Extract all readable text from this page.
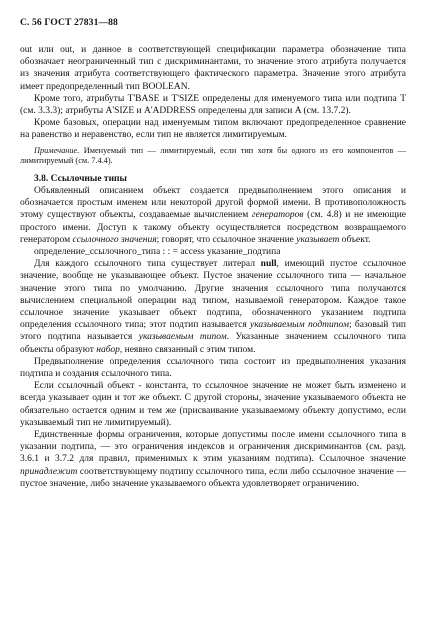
С. 56 ГОСТ 27831—88

out или out, и данное в соответствующей спецификации параметра обозначение типа обозначает неограниченный тип с дискриминантами, то значение этого атрибута получается из значения атрибута соответствующего фактического параметра. Значение этого атрибута имеет предопределенный тип BOOLEAN.

Кроме того, атрибуты T'BASE и T'SIZE определены для именуемого типа или подтипа T (см. 3.3.3); атрибуты A'SIZE и A'ADDRESS определены для записи A (см. 13.7.2).

Кроме базовых, операции над именуемым типом включают предопределенное сравнение на равенство и неравенство, если тип не является лимитируемым.

Примечание. Именуемый тип — лимитируемый, если тип хотя бы одного из его компонентов — лимитируемый (см. 7.4.4).

3.8. Ссылочные типы

Объявленный описанием объект создается предвыполнением этого описания и обозначается простым именем или некоторой другой формой имени. В противоположность этому существуют объекты, создаваемые вычислением генераторов (см. 4.8) и не имеющие простого имени. Доступ к такому объекту осуществляется посредством возвращаемого генератором ссылочного значения; говорят, что ссылочное значение указывает объект.

определение_ссылочного_типа : : = access указание_подтипа

Для каждого ссылочного типа существует литерал null, имеющий пустое ссылочное значение, вообще не указывающее объект. Пустое значение ссылочного типа — начальное значение этого типа по умолчанию. Другие значения ссылочного типа получаются вычислением специальной операции над типом, называемой генератором. Каждое такое ссылочное значение указывает объект подтипа, обозначенного указанием подтипа определения ссылочного типа; этот подтип называется указываемым подтипом; базовый тип этого подтипа называется указываемым типом. Указанные значением ссылочного типа объекты образуют набор, неявно связанный с этим типом.

Предвыполнение определения ссылочного типа состоит из предвыполнения указания подтипа и создания ссылочного типа.

Если ссылочный объект - константа, то ссылочное значение не может быть изменено и всегда указывает один и тот же объект. С другой стороны, значение указываемого объекта не обязательно остается одним и тем же (присваивание указываемому объекту допустимо, если указываемый тип не лимитируемый).

Единственные формы ограничения, которые допустимы после имени ссылочного типа в указании подтипа, — это ограничения индексов и ограничения дискриминантов (см. разд. 3.6.1 и 3.7.2 для правил, применимых к этим указаниям подтипа). Ссылочное значение принадлежит соответствующему подтипу ссылочного типа, если либо ссылочное значение — пустое значение, либо значение указываемого объекта удовлетворяет ограничению.
